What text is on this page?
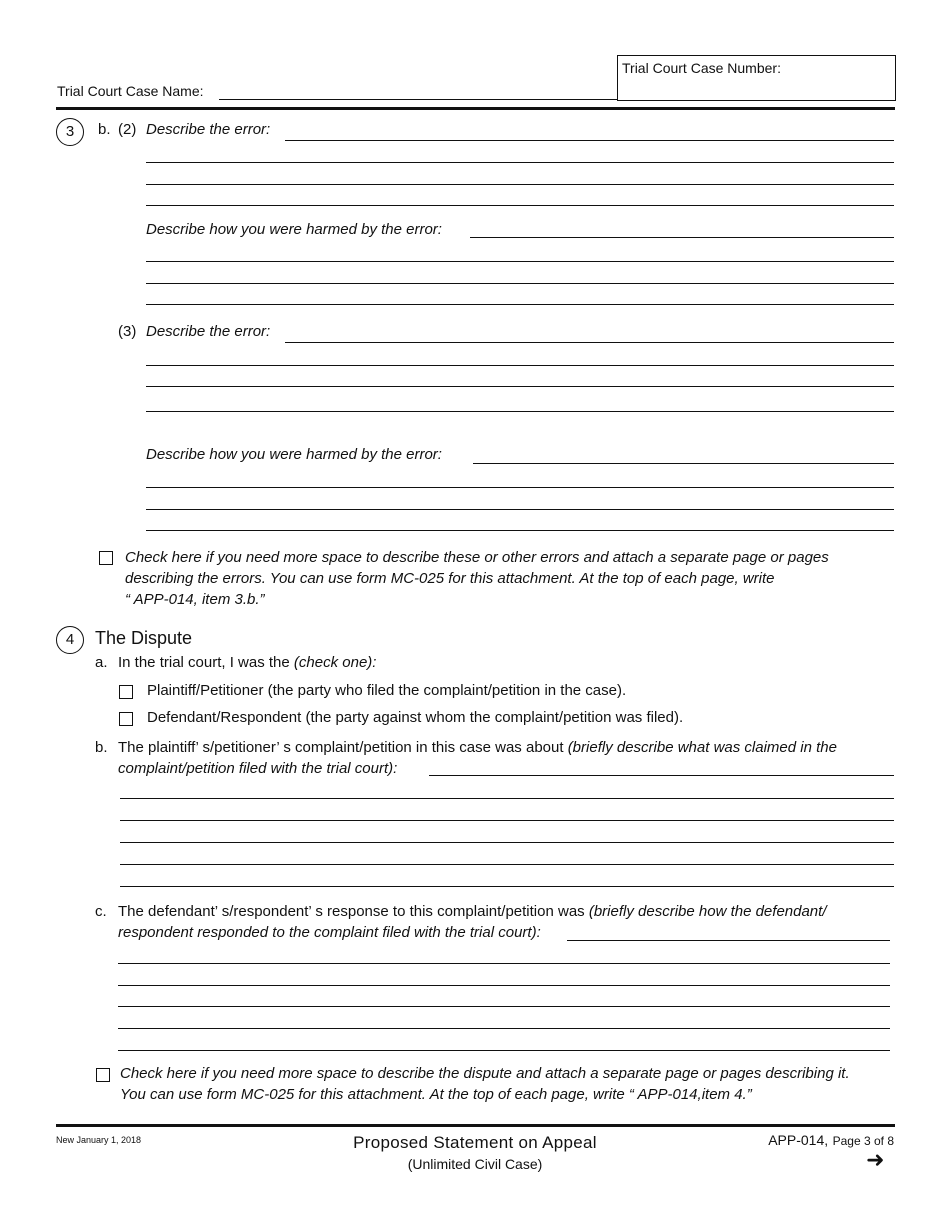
Trial Court Case Name:
Trial Court Case Number:
3	b. (2) Describe the error:
Describe how you were harmed by the error:
(3) Describe the error:
Describe how you were harmed by the error:
Check here if you need more space to describe these or other errors and attach a separate page or pages
describing the errors. You can use form MC-025 for this attachment. At the top of each page, write
“ APP-014, item 3.b.”
4	The Dispute
a. In the trial court, I was the (check one):
Plaintiff/Petitioner (the party who filed the complaint/petition in the case).
Defendant/Respondent (the party against whom the complaint/petition was filed).
b. The plaintiff’ s/petitioner’ s complaint/petition in this case was about (briefly describe what was claimed in the
complaint/petition filed with the trial court):
c. The defendant’ s/respondent’ s response to this complaint/petition was (briefly describe how the defendant/
respondent responded to the complaint filed with the trial court):
Check here if you need more space to describe the dispute and attach a separate page or pages describing it.
You can use form MC-025 for this attachment. At the top of each page, write “ APP-014,item 4.”
New January 1, 2018	Proposed Statement on Appeal
(Unlimited Civil Case)
APP-014, Page 3 of 8
➜
